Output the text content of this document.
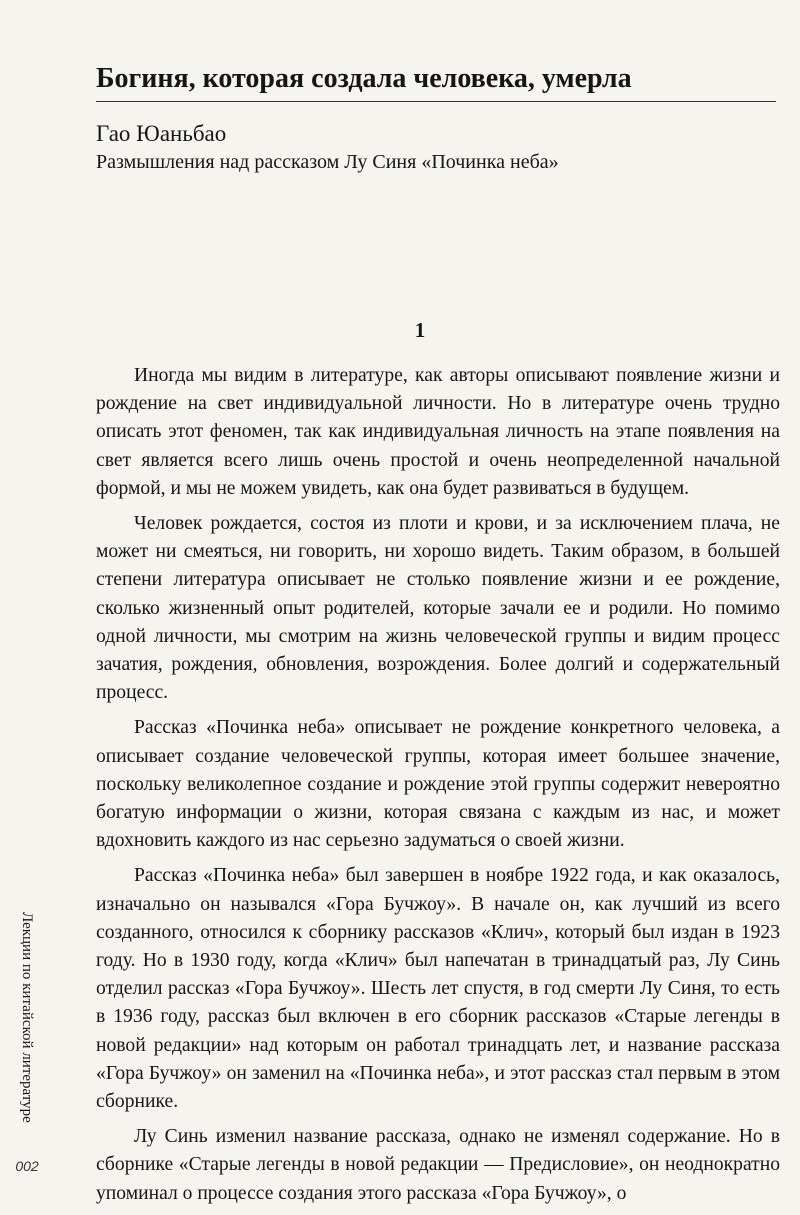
Богиня, которая создала человека, умерла
Гао Юаньбао
Размышления над рассказом Лу Синя «Починка неба»
1

Иногда мы видим в литературе, как авторы описывают появление жизни и рождение на свет индивидуальной личности. Но в литературе очень трудно описать этот феномен, так как индивидуальная личность на этапе появления на свет является всего лишь очень простой и очень неопределенной начальной формой, и мы не можем увидеть, как она будет развиваться в будущем.

Человек рождается, состоя из плоти и крови, и за исключением плача, не может ни смеяться, ни говорить, ни хорошо видеть. Таким образом, в большей степени литература описывает не столько появление жизни и ее рождение, сколько жизненный опыт родителей, которые зачали ее и родили. Но помимо одной личности, мы смотрим на жизнь человеческой группы и видим процесс зачатия, рождения, обновления, возрождения. Более долгий и содержательный процесс.

Рассказ «Починка неба» описывает не рождение конкретного человека, а описывает создание человеческой группы, которая имеет большее значение, поскольку великолепное создание и рождение этой группы содержит невероятно богатую информации о жизни, которая связана с каждым из нас, и может вдохновить каждого из нас серьезно задуматься о своей жизни.

Рассказ «Починка неба» был завершен в ноябре 1922 года, и как оказалось, изначально он назывался «Гора Бучжоу». В начале он, как лучший из всего созданного, относился к сборнику рассказов «Клич», который был издан в 1923 году. Но в 1930 году, когда «Клич» был напечатан в тринадцатый раз, Лу Синь отделил рассказ «Гора Бучжоу». Шесть лет спустя, в год смерти Лу Синя, то есть в 1936 году, рассказ был включен в его сборник рассказов «Старые легенды в новой редакции» над которым он работал тринадцать лет, и название рассказа «Гора Бучжоу» он заменил на «Починка неба», и этот рассказ стал первым в этом сборнике.

Лу Синь изменил название рассказа, однако не изменял содержание. Но в сборнике «Старые легенды в новой редакции — Предисловие», он неоднократно упоминал о процессе создания этого рассказа «Гора Бучжоу», о

Лекции по китайской литературе
002
